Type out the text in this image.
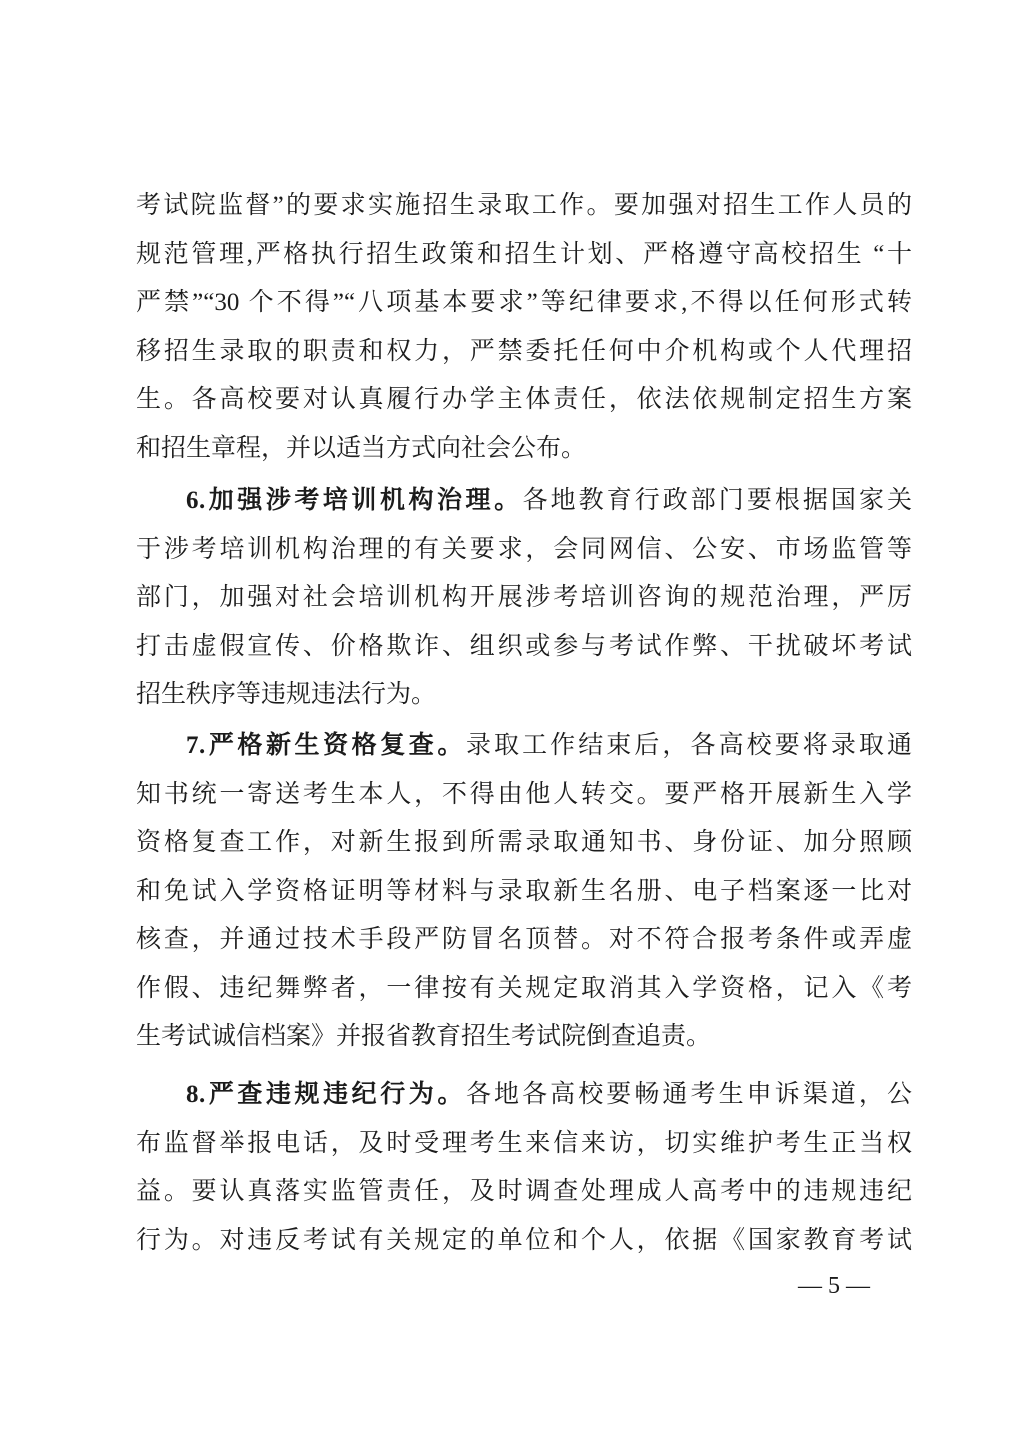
考试院监督”的要求实施招生录取工作。要加强对招生工作人员的
规范管理,严格执行招生政策和招生计划、严格遵守高校招生 “十
严禁”“30 个不得”“八项基本要求”等纪律要求,不得以任何形式转
移招生录取的职责和权力，严禁委托任何中介机构或个人代理招
生。各高校要对认真履行办学主体责任，依法依规制定招生方案
和招生章程，并以适当方式向社会公布。
6.加强涉考培训机构治理。各地教育行政部门要根据国家关
于涉考培训机构治理的有关要求，会同网信、公安、市场监管等
部门，加强对社会培训机构开展涉考培训咨询的规范治理，严厉
打击虚假宣传、价格欺诈、组织或参与考试作弊、干扰破坏考试
招生秩序等违规违法行为。
7.严格新生资格复查。录取工作结束后，各高校要将录取通
知书统一寄送考生本人，不得由他人转交。要严格开展新生入学
资格复查工作，对新生报到所需录取通知书、身份证、加分照顾
和免试入学资格证明等材料与录取新生名册、电子档案逐一比对
核查，并通过技术手段严防冒名顶替。对不符合报考条件或弄虚
作假、违纪舞弊者，一律按有关规定取消其入学资格，记入《考
生考试诚信档案》并报省教育招生考试院倒查追责。
8.严查违规违纪行为。各地各高校要畅通考生申诉渠道，公
布监督举报电话，及时受理考生来信来访，切实维护考生正当权
益。要认真落实监管责任，及时调查处理成人高考中的违规违纪
行为。对违反考试有关规定的单位和个人，依据《国家教育考试
— 5 —
